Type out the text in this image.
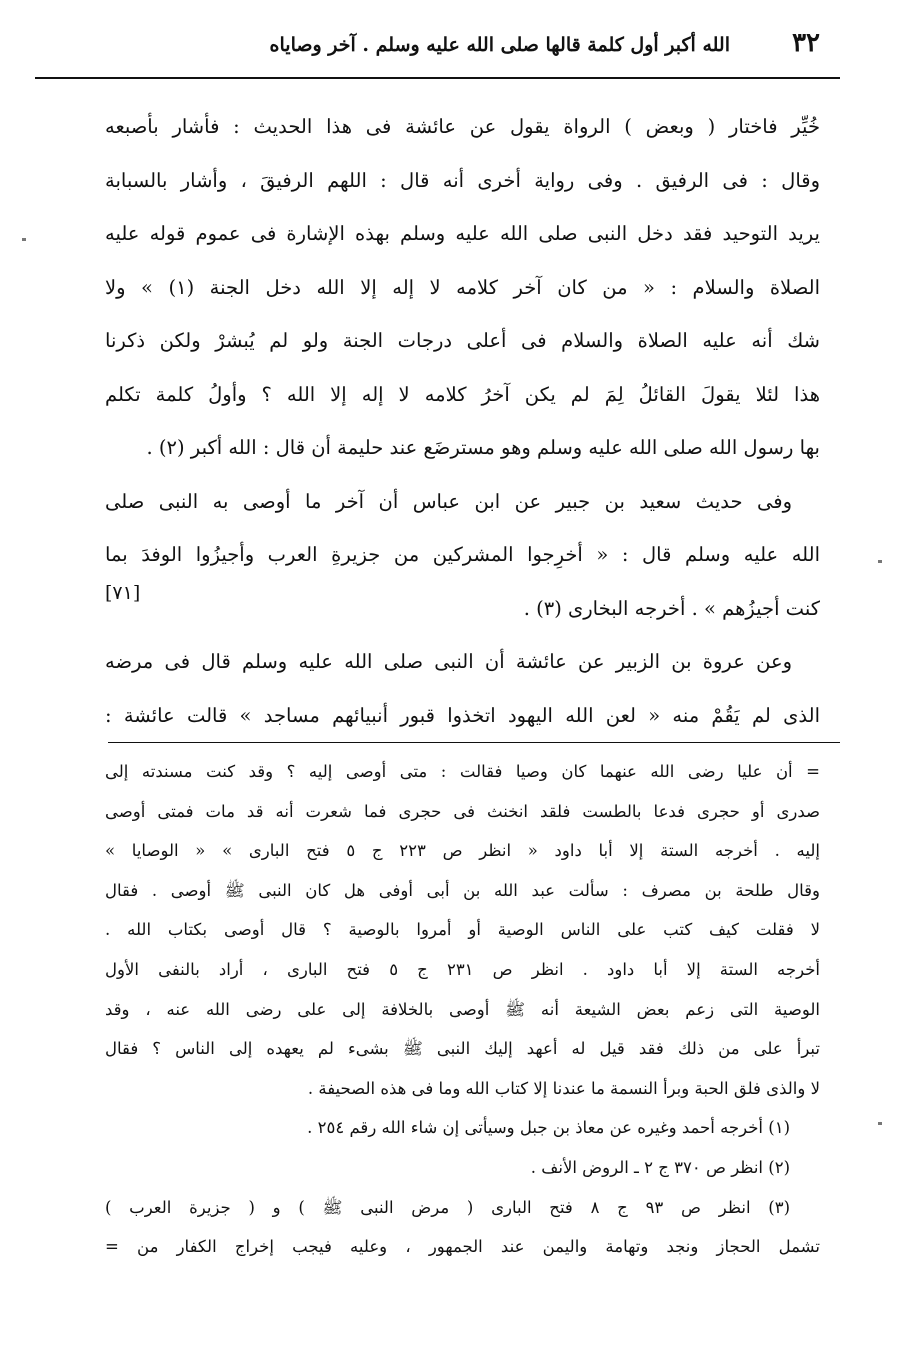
٣٢
الله أكبر أول كلمة قالها صلى الله عليه وسلم . آخر وصاياه
خُيِّر فاختار ( وبعض ) الرواة يقول عن عائشة فى هذا الحديث : فأشار بأصبعه
وقال : فى الرفيق . وفى رواية أخرى أنه قال : اللهم الرفيقَ ، وأشار بالسبابة
يريد التوحيد فقد دخل النبى صلى الله عليه وسلم بهذه الإشارة فى عموم قوله عليه
الصلاة والسلام : « من كان آخر كلامه لا إله إلا الله دخل الجنة (١) » ولا
شك أنه عليه الصلاة والسلام فى أعلى درجات الجنة ولو لم يُبشرْ ولكن ذكرنا
هذا لئلا يقولَ القائلُ لِمَ لم يكن آخرُ كلامه لا إله إلا الله ؟ وأولُ كلمة تكلم
بها رسول الله صلى الله عليه وسلم وهو مسترضَع عند حليمة أن قال : الله أكبر (٢) .
وفى حديث سعيد بن جبير عن ابن عباس أن آخر ما أوصى به النبى صلى
الله عليه وسلم قال : « أخرِجوا المشركين من جزيرةِ العرب وأجيزُوا الوفدَ بما
كنت أجيزُهم » . أخرجه البخارى (٣) .
[٧١]
وعن عروة بن الزبير عن عائشة أن النبى صلى الله عليه وسلم قال فى مرضه
الذى لم يَقُمْ منه « لعن الله اليهود اتخذوا قبور أنبيائهم مساجد » قالت عائشة :
= أن عليا رضى الله عنهما كان وصيا فقالت : متى أوصى إليه ؟ وقد كنت مسندته إلى
صدرى أو حجرى فدعا بالطست فلقد انخنث فى حجرى فما شعرت أنه قد مات فمتى أوصى
إليه . أخرجه الستة إلا أبا داود « انظر ص ٢٢٣ ج ٥ فتح البارى » « الوصايا »
وقال طلحة بن مصرف : سألت عبد الله بن أبى أوفى هل كان النبى ﷺ أوصى . فقال
لا فقلت كيف كتب على الناس الوصية أو أمروا بالوصية ؟ قال أوصى بكتاب الله .
أخرجه الستة إلا أبا داود . انظر ص ٢٣١ ج ٥ فتح البارى ، أراد بالنفى الأول
الوصية التى زعم بعض الشيعة أنه ﷺ أوصى بالخلافة إلى على رضى الله عنه ، وقد
تبرأ على من ذلك فقد قيل له أعهد إليك النبى ﷺ بشىء لم يعهده إلى الناس ؟ فقال
لا والذى فلق الحبة وبرأ النسمة ما عندنا إلا كتاب الله وما فى هذه الصحيفة .
(١) أخرجه أحمد وغيره عن معاذ بن جبل وسيأتى إن شاء الله رقم ٢٥٤ .
(٢) انظر ص ٣٧٠ ج ٢ ـ الروض الأنف .
(٣) انظر ص ٩٣ ج ٨ فتح البارى ( مرض النبى ﷺ ) و ( جزيرة العرب )
تشمل الحجاز ونجد وتهامة واليمن عند الجمهور ، وعليه فيجب إخراج الكفار من =
